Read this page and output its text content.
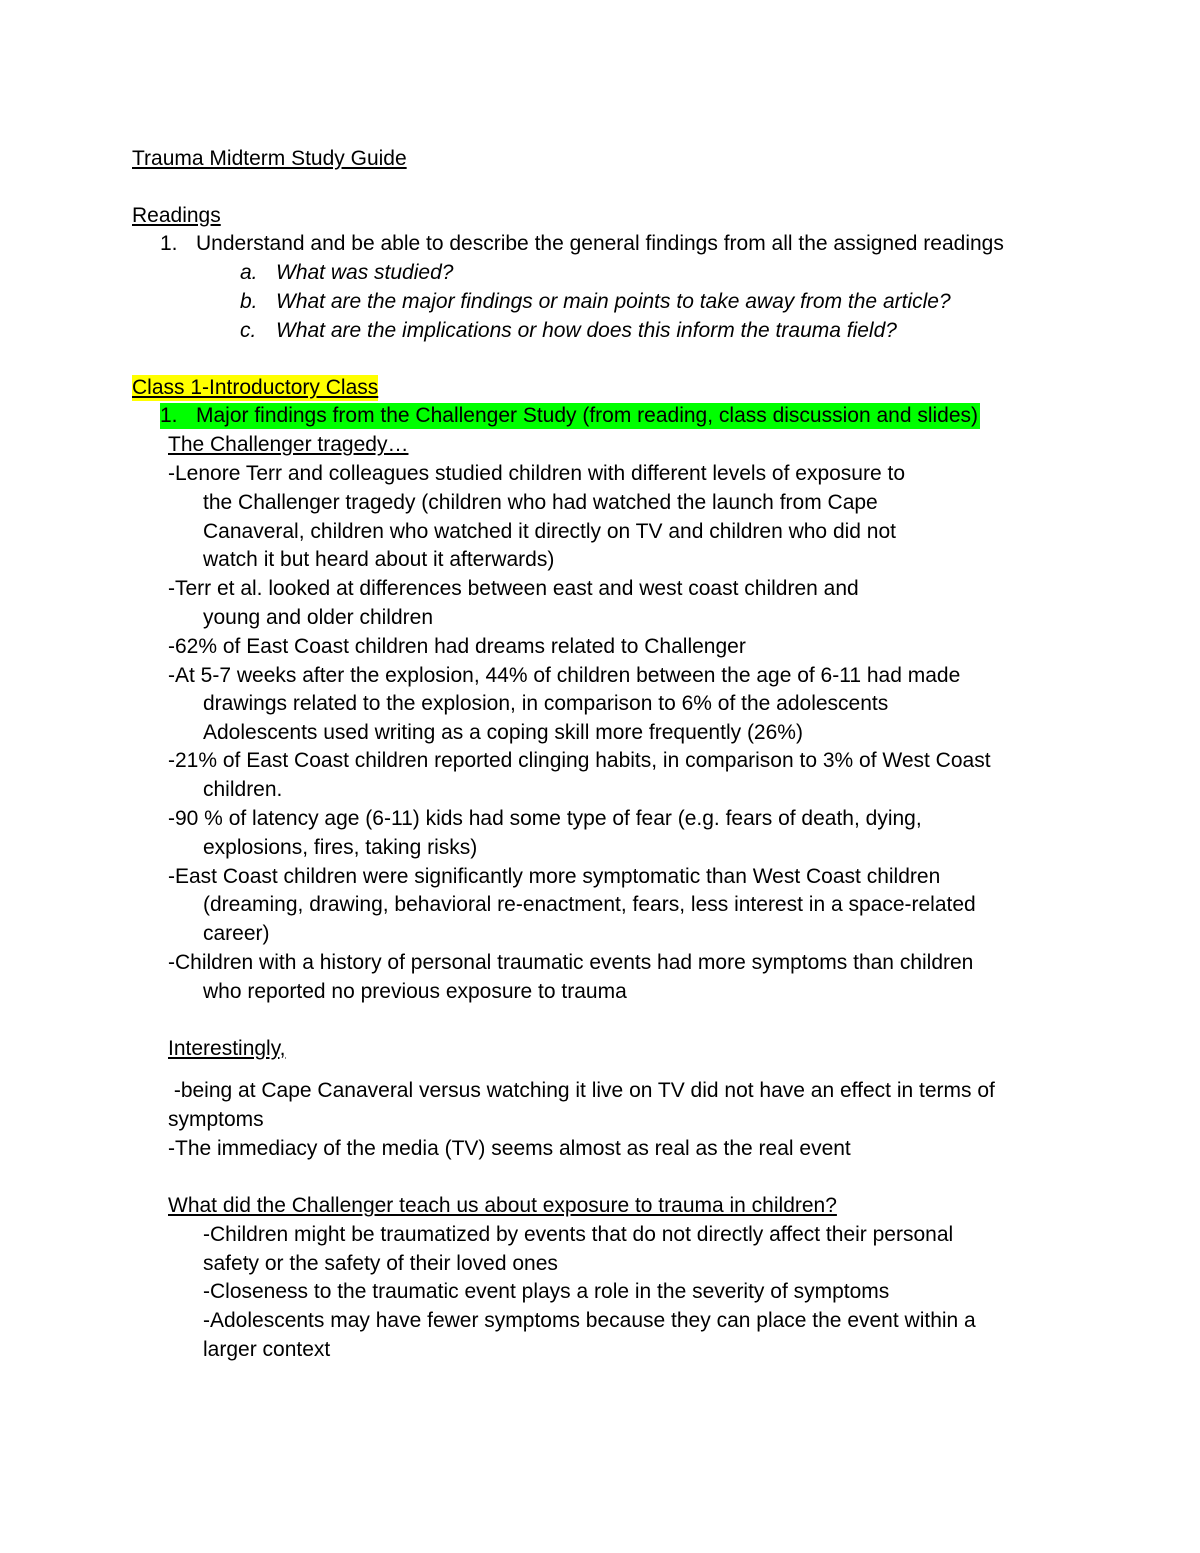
Trauma Midterm Study Guide
Readings
1. Understand and be able to describe the general findings from all the assigned readings
a. What was studied?
b. What are the major findings or main points to take away from the article?
c. What are the implications or how does this inform the trauma field?
Class 1-Introductory Class
1. Major findings from the Challenger Study (from reading, class discussion and slides)
The Challenger tragedy…
-Lenore Terr and colleagues studied children with different levels of exposure to
the Challenger tragedy (children who had watched the launch from Cape
Canaveral, children who watched it directly on TV and children who did not
watch it but heard about it afterwards)
-Terr et al. looked at differences between east and west coast children and
young and older children
-62% of East Coast children had dreams related to Challenger
-At 5-7 weeks after the explosion, 44% of children between the age of 6-11 had made
drawings related to the explosion, in comparison to 6% of the adolescents
Adolescents used writing as a coping skill more frequently (26%)
-21% of East Coast children reported clinging habits, in comparison to 3% of West Coast
children.
-90 % of latency age (6-11) kids had some type of fear (e.g. fears of death, dying,
explosions, fires, taking risks)
-East Coast children were significantly more symptomatic than West Coast children
(dreaming, drawing, behavioral re-enactment, fears, less interest in a space-related
career)
-Children with a history of personal traumatic events had more symptoms than children
who reported no previous exposure to trauma
Interestingly,
-being at Cape Canaveral versus watching it live on TV did not have an effect in terms of
symptoms
-The immediacy of the media (TV) seems almost as real as the real event
What did the Challenger teach us about exposure to trauma in children?
-Children might be traumatized by events that do not directly affect their personal
safety or the safety of their loved ones
-Closeness to the traumatic event plays a role in the severity of symptoms
-Adolescents may have fewer symptoms because they can place the event within a
larger context
